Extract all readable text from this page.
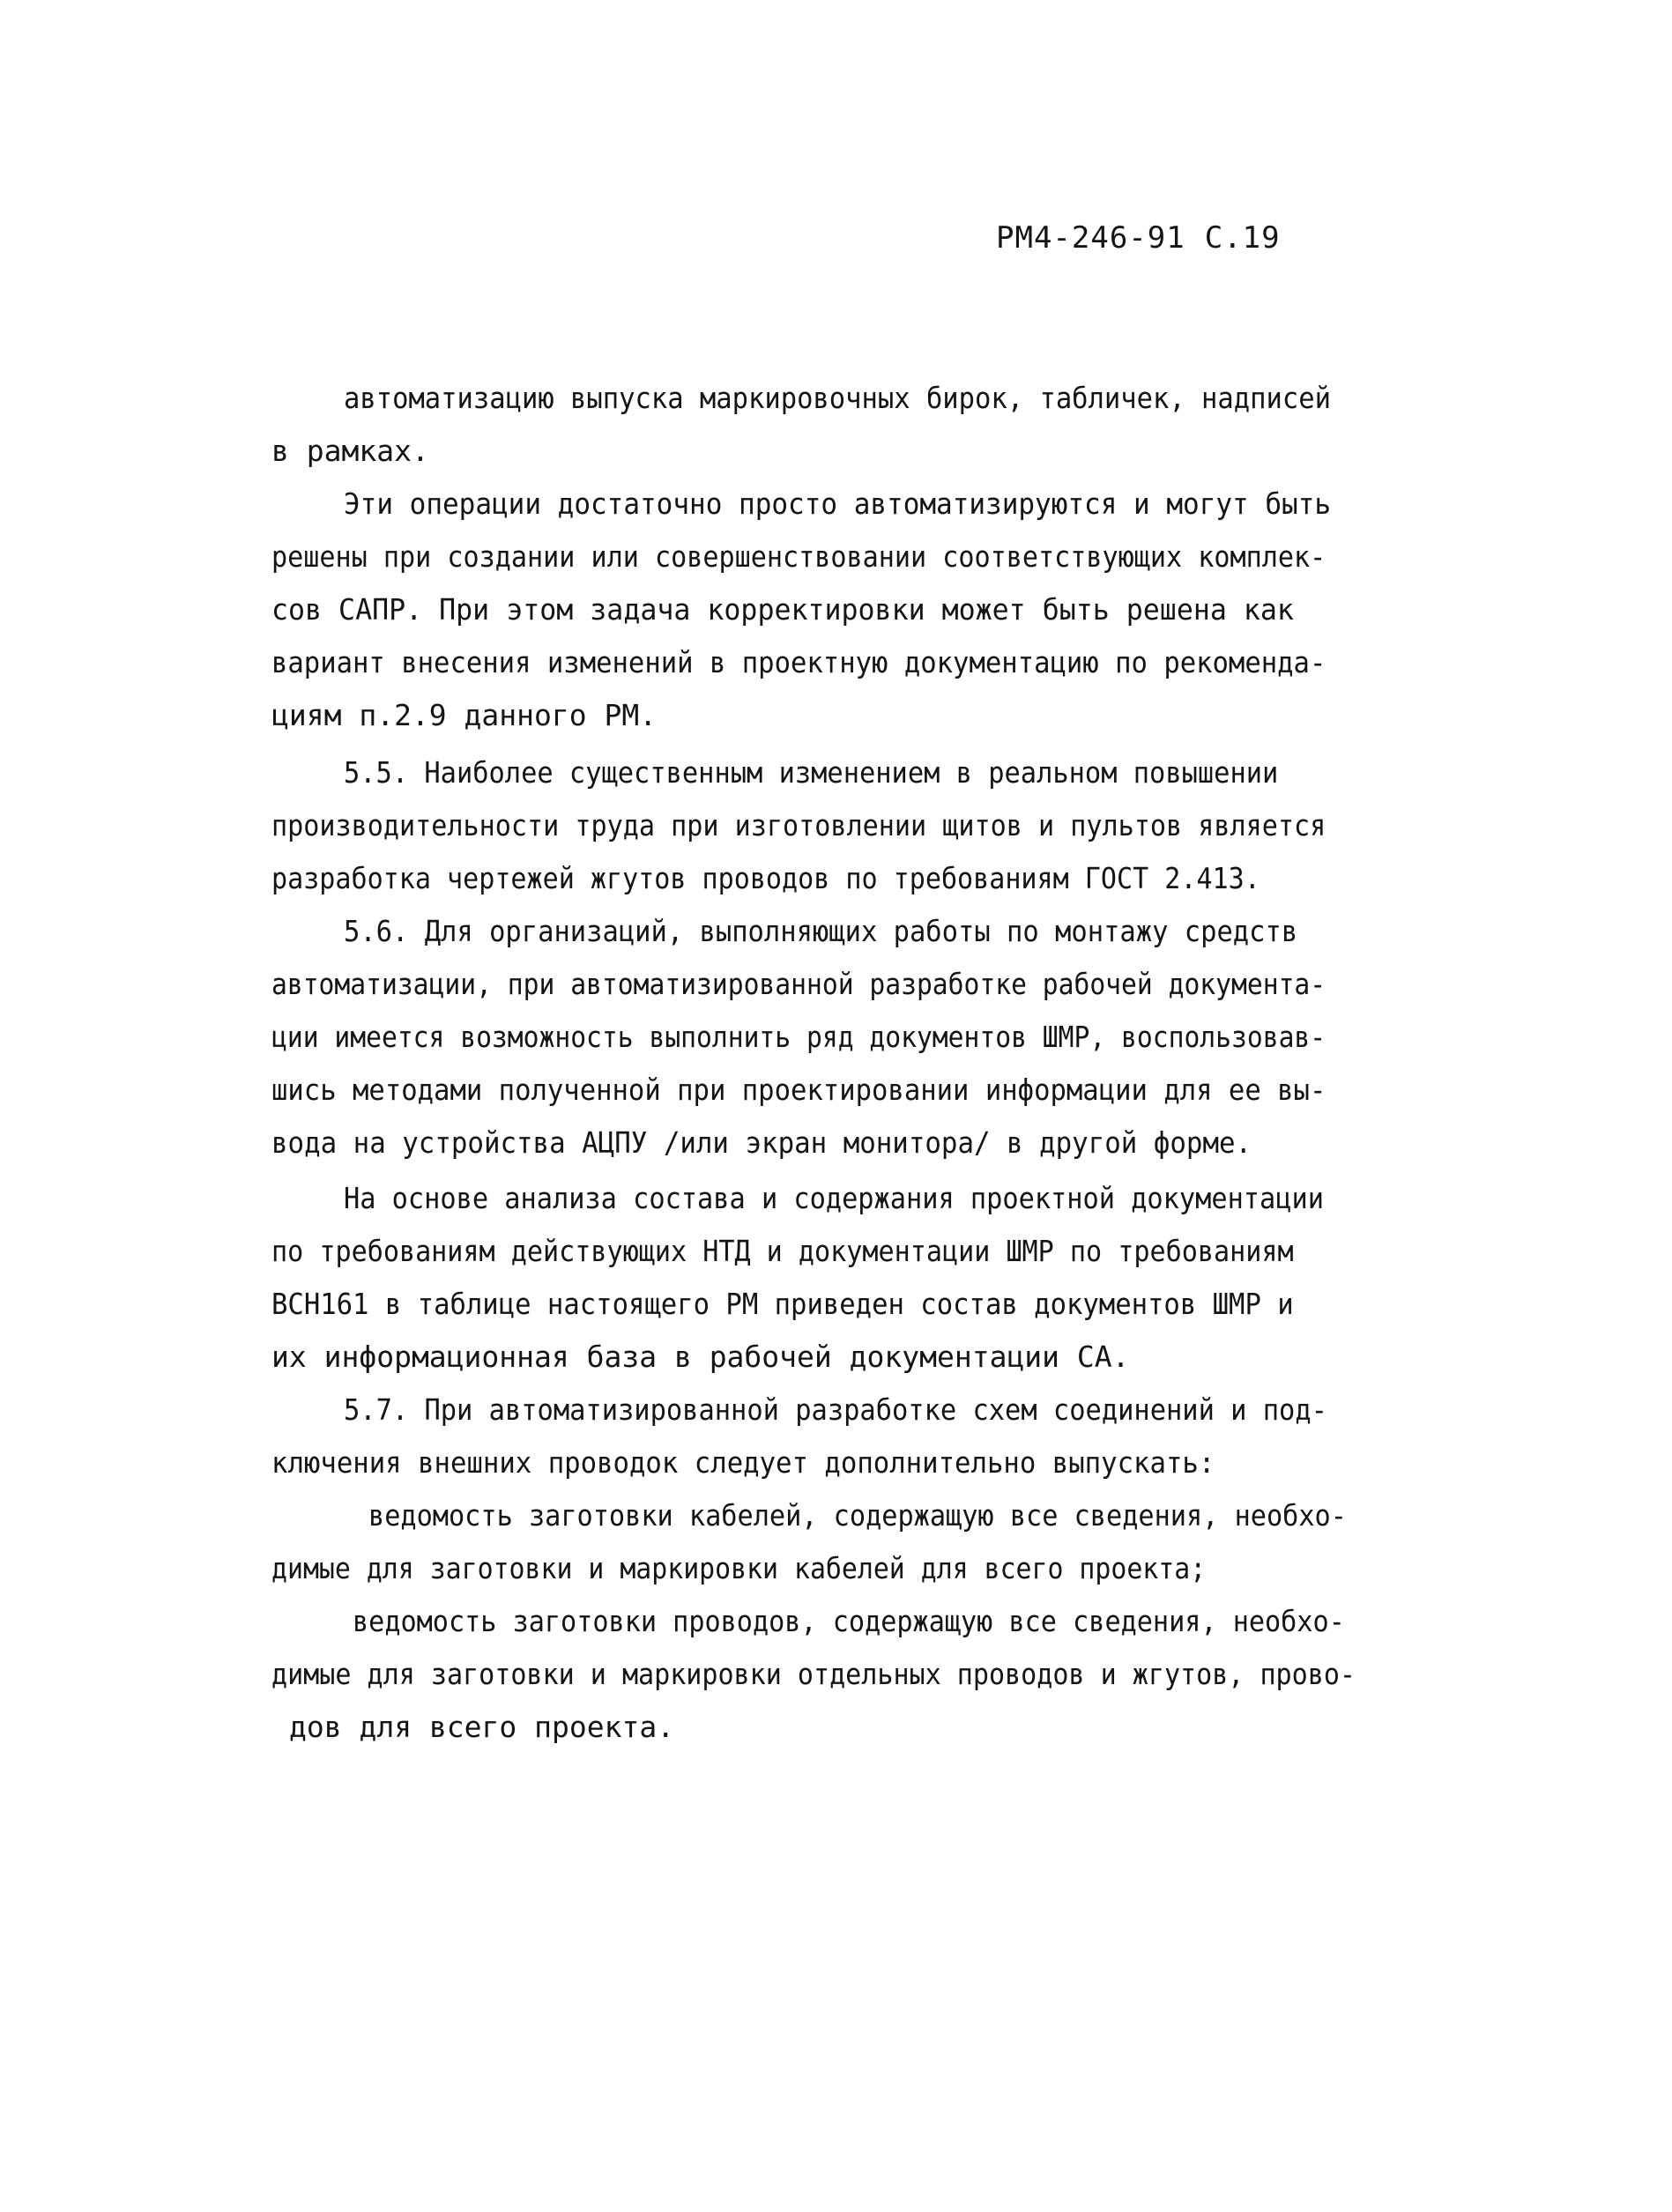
РМ4-246-91 С.19
автоматизацию выпуска маркировочных бирок, табличек, надписей
в рамках.
Эти операции достаточно просто автоматизируются и могут быть
решены при создании или совершенствовании соответствующих комплек-
сов САПР. При этом задача корректировки может быть решена как
вариант внесения изменений в проектную документацию по рекоменда-
циям п.2.9 данного РМ.
5.5. Наиболее существенным изменением в реальном повышении
производительности труда при изготовлении щитов и пультов является
разработка чертежей жгутов проводов по требованиям ГОСТ 2.413.
5.6. Для организаций, выполняющих работы по монтажу средств
автоматизации, при автоматизированной разработке рабочей документа-
ции имеется возможность выполнить ряд документов ШМР, воспользовав-
шись методами полученной при проектировании информации для ее вы-
вода на устройства АЦПУ /или экран монитора/ в другой форме.
На основе анализа состава и содержания проектной документации
по требованиям действующих НТД и документации ШМР по требованиям
ВСН161 в таблице настоящего РМ приведен состав документов ШМР и
их информационная база в рабочей документации СА.
5.7. При автоматизированной разработке схем соединений и под-
ключения внешних проводок следует дополнительно выпускать:
ведомость заготовки кабелей, содержащую все сведения, необхо-
димые для заготовки и маркировки кабелей для всего проекта;
ведомость заготовки проводов, содержащую все сведения, необхо-
димые для заготовки и маркировки отдельных проводов и жгутов, прово-
дов для всего проекта.
